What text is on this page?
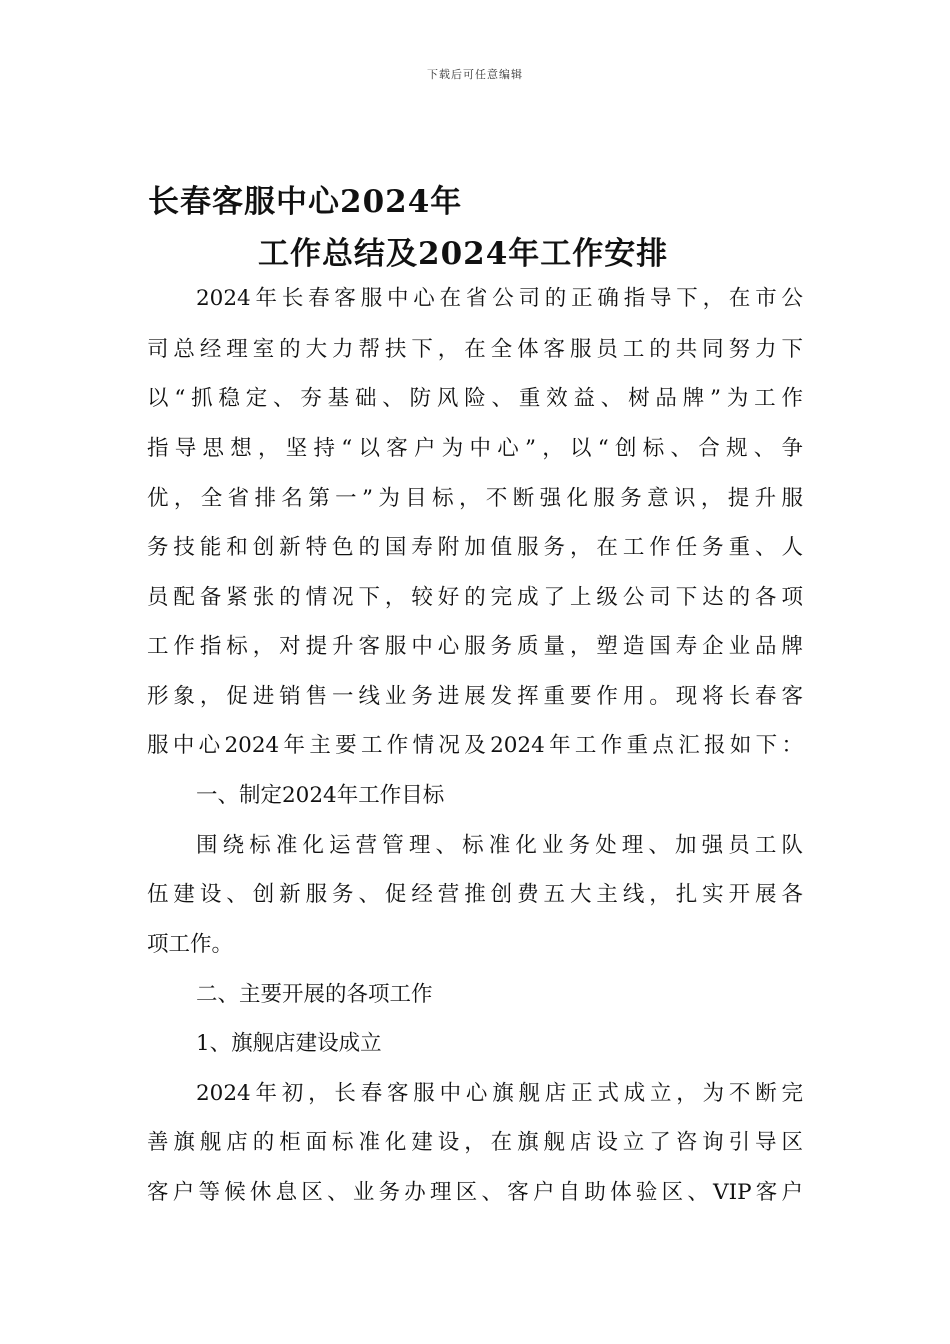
下载后可任意编辑
长春客服中心2024年
工作总结及2024年工作安排
2024年长春客服中心在省公司的正确指导下，在市公
司总经理室的大力帮扶下，在全体客服员工的共同努力下
以“抓稳定、夯基础、防风险、重效益、树品牌”为工作
指导思想，坚持“以客户为中心”，以“创标、合规、争
优，全省排名第一”为目标，不断强化服务意识，提升服
务技能和创新特色的国寿附加值服务，在工作任务重、人
员配备紧张的情况下，较好的完成了上级公司下达的各项
工作指标，对提升客服中心服务质量，塑造国寿企业品牌
形象，促进销售一线业务进展发挥重要作用。现将长春客
服中心2024年主要工作情况及2024年工作重点汇报如下：
一、制定2024年工作目标
围绕标准化运营管理、标准化业务处理、加强员工队
伍建设、创新服务、促经营推创费五大主线，扎实开展各
项工作。
二、主要开展的各项工作
1、旗舰店建设成立
2024年初，长春客服中心旗舰店正式成立，为不断完
善旗舰店的柜面标准化建设，在旗舰店设立了咨询引导区
客户等候休息区、业务办理区、客户自助体验区、VIP客户
